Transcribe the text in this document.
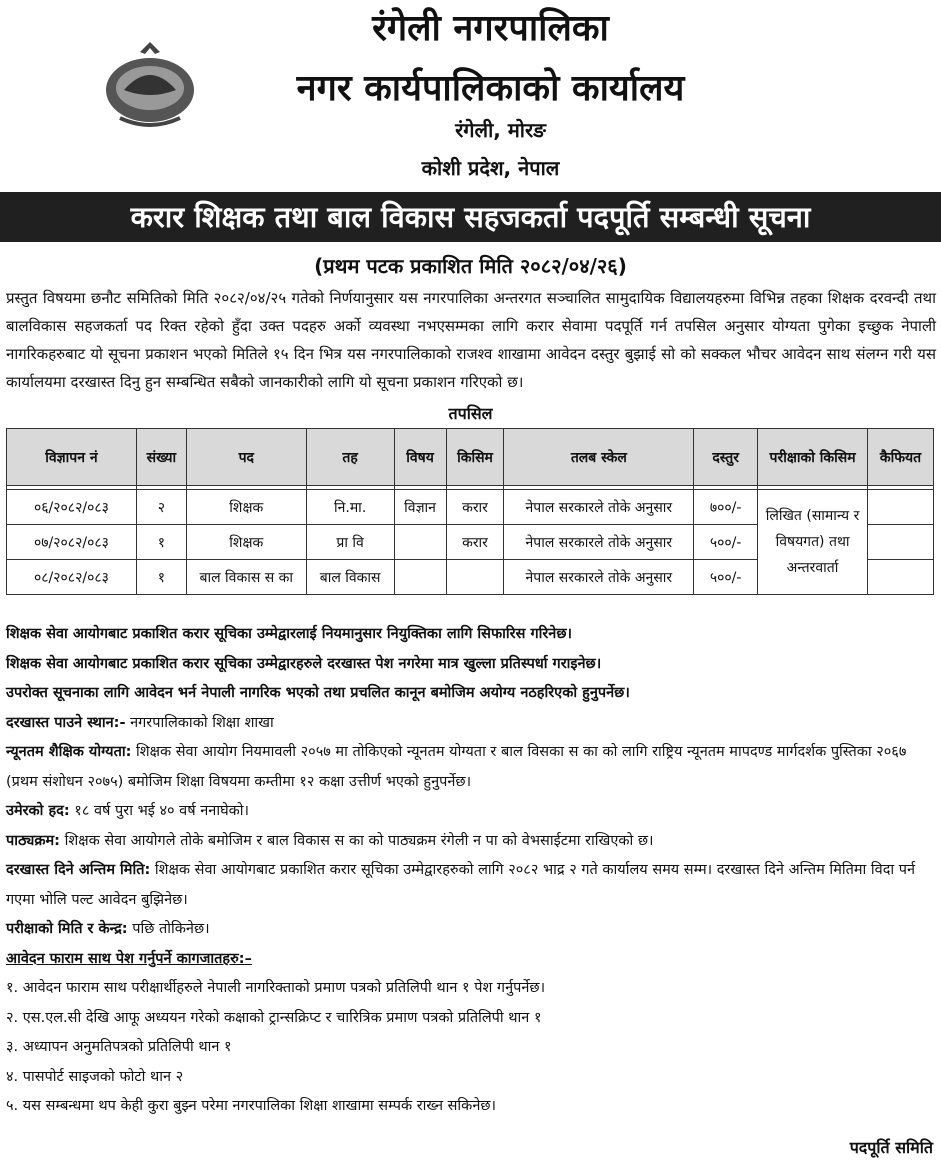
रंगेली नगरपालिका
नगर कार्यपालिकाको कार्यालय
रंगेली, मोरङ
कोशी प्रदेश, नेपाल
करार शिक्षक तथा बाल विकास सहजकर्ता पदपूर्ति सम्बन्धी सूचना
(प्रथम पटक प्रकाशित मिति २०८२/०४/२६)
प्रस्तुत विषयमा छनौट समितिको मिति २०८२/०४/२५ गतेको निर्णयानुसार यस नगरपालिका अन्तरगत सञ्चालित सामुदायिक विद्यालयहरुमा विभिन्न तहका शिक्षक दरवन्दी तथा बालविकास सहजकर्ता पद रिक्त रहेको हुँदा उक्त पदहरु अर्को व्यवस्था नभएसम्मका लागि करार सेवामा पदपूर्ति गर्न तपसिल अनुसार योग्यता पुगेका इच्छुक नेपाली नागरिकहरुबाट यो सूचना प्रकाशन भएको मितिले १५ दिन भित्र यस नगरपालिकाको राजश्व शाखामा आवेदन दस्तुर बुझाई सो को सक्कल भौचर आवेदन साथ संलग्न गरी यस कार्यालयमा दरखास्त दिनु हुन सम्बन्धित सबैको जानकारीको लागि यो सूचना प्रकाशन गरिएको छ।
तपसिल
विज्ञापन नं	संख्या	पद	तह	विषय	किसिम	तलब स्केल	दस्तुर	परीक्षाको किसिम	कैफियत

०६/२०८२/०८३	२	शिक्षक	नि.मा.	विज्ञान	करार	नेपाल सरकारले तोके अनुसार	७००/-	लिखित (सामान्य र विषयगत) तथा अन्तरवार्ता	
०७/२०८२/०८३	१	शिक्षक	प्रा वि		करार	नेपाल सरकारले तोके अनुसार	५००/-		
०८/२०८२/०८३	१	बाल विकास स का	बाल विकास			नेपाल सरकारले तोके अनुसार	५००/-		

शिक्षक सेवा आयोगबाट प्रकाशित करार सूचिका उम्मेद्वारलाई नियमानुसार नियुक्तिका लागि सिफारिस गरिनेछ।

शिक्षक सेवा आयोगबाट प्रकाशित करार सूचिका उम्मेद्वारहरुले दरखास्त पेश नगरेमा मात्र खुल्ला प्रतिस्पर्धा गराइनेछ।

उपरोक्त सूचनाका लागि आवेदन भर्न नेपाली नागरिक भएको तथा प्रचलित कानून बमोजिम अयोग्य नठहरिएको हुनुपर्नेछ।

दरखास्त पाउने स्थान:- नगरपालिकाको शिक्षा शाखा

न्यूनतम शैक्षिक योग्यता: शिक्षक सेवा आयोग नियमावली २०५७ मा तोकिएको न्यूनतम योग्यता र बाल विसका स का को लागि राष्ट्रिय न्यूनतम मापदण्ड मार्गदर्शक पुस्तिका २०६७ (प्रथम संशोधन २०७५) बमोजिम शिक्षा विषयमा कम्तीमा १२ कक्षा उत्तीर्ण भएको हुनुपर्नेछ।

उमेरको हद: १८ वर्ष पुरा भई ४० वर्ष ननाघेको।

पाठ्यक्रम: शिक्षक सेवा आयोगले तोके बमोजिम र बाल विकास स का को पाठ्यक्रम रंगेली न पा को वेभसाईटमा राखिएको छ।

दरखास्त दिने अन्तिम मिति: शिक्षक सेवा आयोगबाट प्रकाशित करार सूचिका उम्मेद्वारहरुको लागि २०८२ भाद्र २ गते कार्यालय समय सम्म। दरखास्त दिने अन्तिम मितिमा विदा पर्न गएमा भोलि पल्ट आवेदन बुझिनेछ।

परीक्षाको मिति र केन्द्र: पछि तोकिनेछ।

आवेदन फाराम साथ पेश गर्नुपर्ने कागजातहरु:–

१. आवेदन फाराम साथ परीक्षार्थीहरुले नेपाली नागरिक्ताको प्रमाण पत्रको प्रतिलिपी थान १ पेश गर्नुपर्नेछ।

२. एस.एल.सी देखि आफू अध्ययन गरेको कक्षाको ट्रान्सक्रिप्ट र चारित्रिक प्रमाण पत्रको प्रतिलिपी थान १

३. अध्यापन अनुमतिपत्रको प्रतिलिपी थान १

४. पासपोर्ट साइजको फोटो थान २

५. यस सम्बन्धमा थप केही कुरा बुझ्न परेमा नगरपालिका शिक्षा शाखामा सम्पर्क राख्न सकिनेछ।

पदपूर्ति समिति
